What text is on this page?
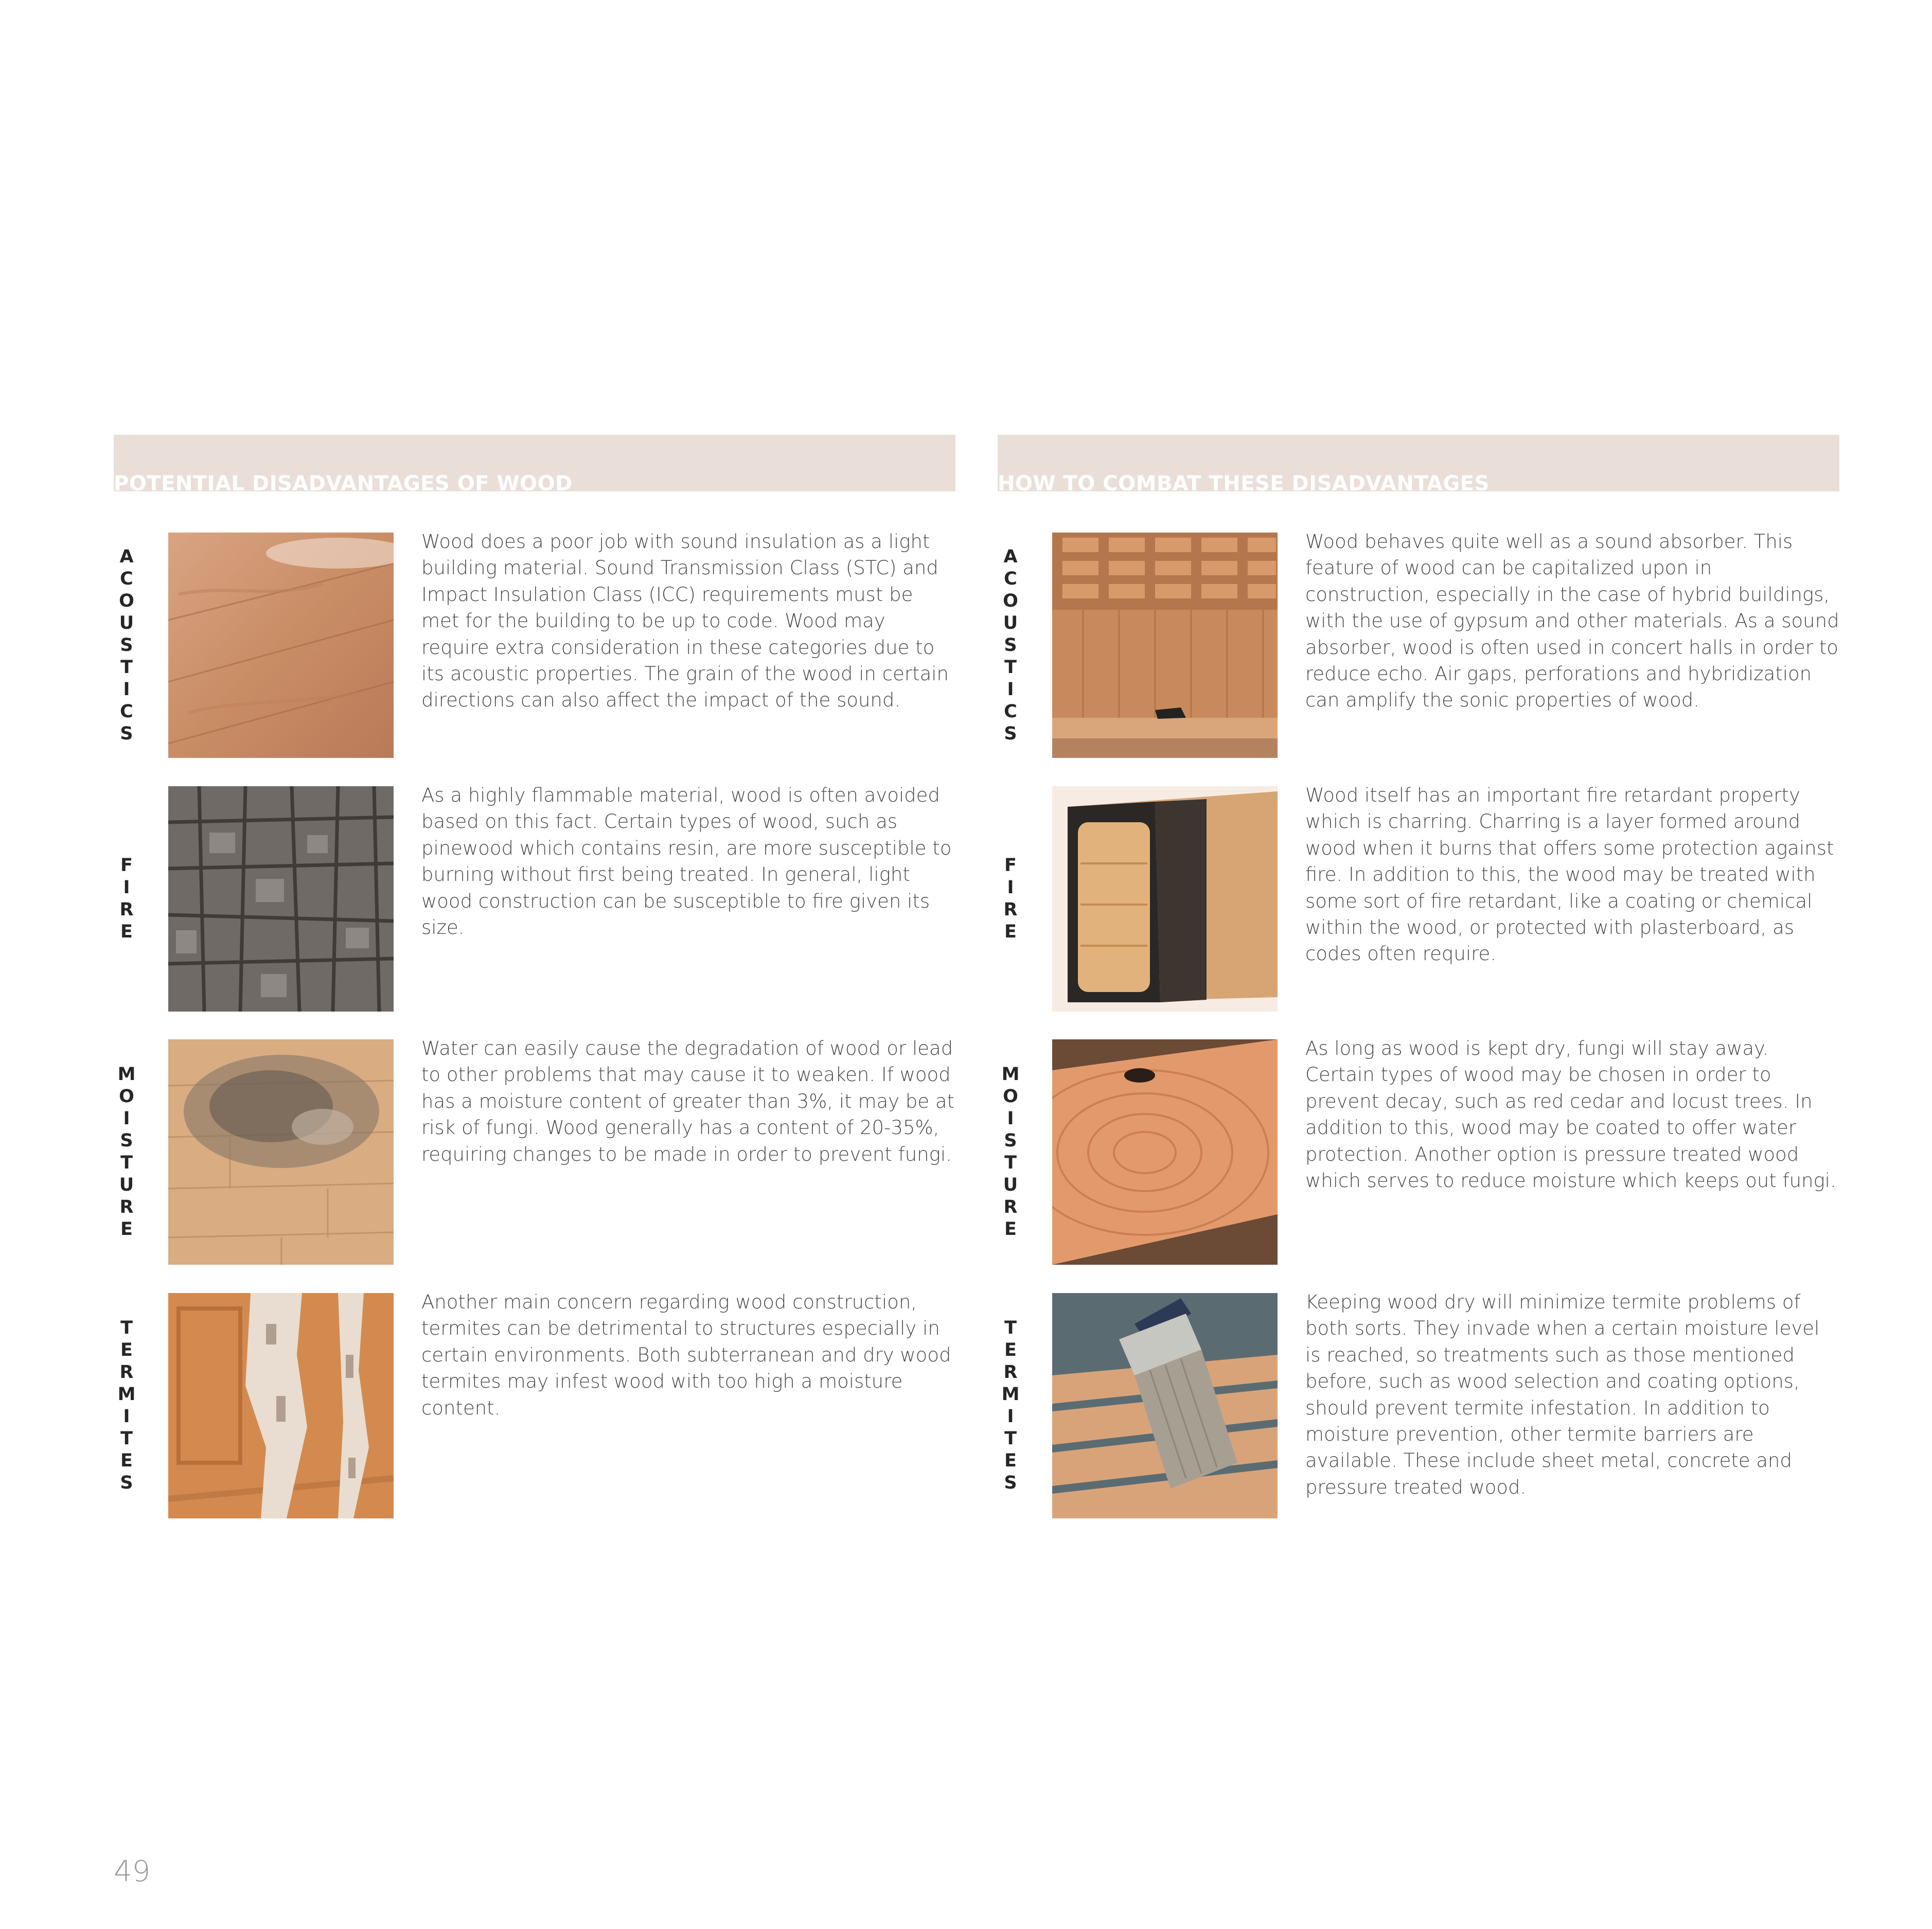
POTENTIAL DISADVANTAGES OF WOOD
A
C
O
U
S
T
I
C
S
Wood does a poor job with sound insulation as a light building material. Sound Transmission Class (STC) and Impact Insulation Class (ICC) requirements must be met for the building to be up to code. Wood may require extra consideration in these categories due to its acoustic properties. The grain of the wood in certain directions can also affect the impact of the sound.
F
I
R
E
As a highly flammable material, wood is often avoided based on this fact. Certain types of wood, such as pinewood which contains resin, are more susceptible to burning without first being treated. In general, light wood construction can be susceptible to fire given its size.
M
O
I
S
T
U
R
E
Water can easily cause the degradation of wood or lead to other problems that may cause it to weaken. If wood has a moisture content of greater than 3%, it may be at risk of fungi. Wood generally has a content of 20-35%, requiring changes to be made in order to prevent fungi.
T
E
R
M
I
T
E
S
Another main concern regarding wood construction, termites can be detrimental to structures especially in certain environments. Both subterranean and dry wood termites may infest wood with too high a moisture content.
HOW TO COMBAT THESE DISADVANTAGES
A
C
O
U
S
T
I
C
S
Wood behaves quite well as a sound absorber. This feature of wood can be capitalized upon in construction, especially in the case of hybrid buildings, with the use of gypsum and other materials. As a sound absorber, wood is often used in concert halls in order to reduce echo. Air gaps, perforations and hybridization can amplify the sonic properties of wood.
F
I
R
E
Wood itself has an important fire retardant property which is charring. Charring is a layer formed around wood when it burns that offers some protection against fire. In addition to this, the wood may be treated with some sort of fire retardant, like a coating or chemical within the wood, or protected with plasterboard, as codes often require.
M
O
I
S
T
U
R
E
As long as wood is kept dry, fungi will stay away. Certain types of wood may be chosen in order to prevent decay, such as red cedar and locust trees. In addition to this, wood may be coated to offer water protection. Another option is pressure treated wood which serves to reduce moisture which keeps out fungi.
T
E
R
M
I
T
E
S
Keeping wood dry will minimize termite problems of both sorts. They invade when a certain moisture level is reached, so treatments such as those mentioned before, such as wood selection and coating options, should prevent termite infestation. In addition to moisture prevention, other termite barriers are available. These include sheet metal, concrete and pressure treated wood.
49
